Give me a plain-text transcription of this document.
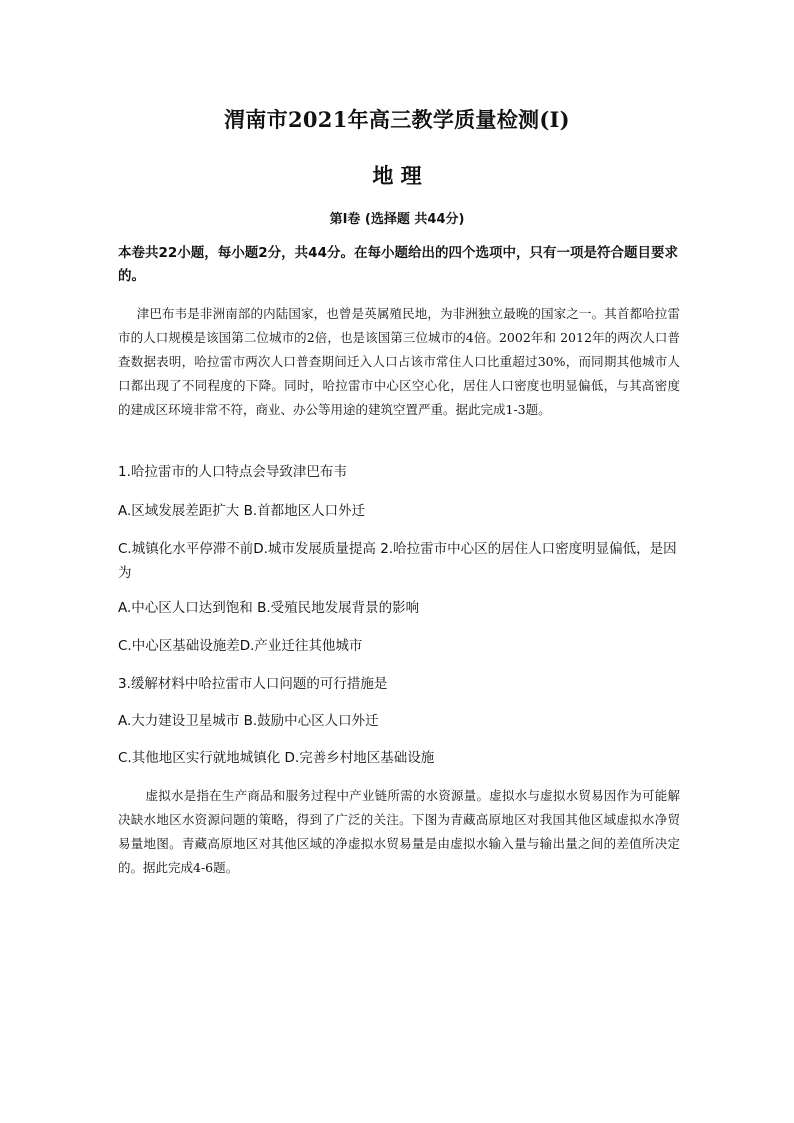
渭南市2021年高三教学质量检测(Ⅰ)
地 理
第Ⅰ卷 (选择题 共44分)
本卷共22小题，每小题2分，共44分。在每小题给出的四个选项中，只有一项是符合题目要求的。
津巴布韦是非洲南部的内陆国家，也曾是英属殖民地，为非洲独立最晚的国家之一。其首都哈拉雷市的人口规模是该国第二位城市的2倍，也是该国第三位城市的4倍。2002年和 2012年的两次人口普查数据表明，哈拉雷市两次人口普查期间迁入人口占该市常住人口比重超过30%，而同期其他城市人口都出现了不同程度的下降。同时，哈拉雷市中心区空心化，居住人口密度也明显偏低，与其高密度的建成区环境非常不符，商业、办公等用途的建筑空置严重。据此完成1-3题。
1.哈拉雷市的人口特点会导致津巴布韦
A.区域发展差距扩大 B.首都地区人口外迁
C.城镇化水平停滞不前D.城市发展质量提高 2.哈拉雷市中心区的居住人口密度明显偏低，是因为
A.中心区人口达到饱和 B.受殖民地发展背景的影响
C.中心区基础设施差D.产业迁往其他城市
3.缓解材料中哈拉雷市人口问题的可行措施是
A.大力建设卫星城市 B.鼓励中心区人口外迁
C.其他地区实行就地城镇化 D.完善乡村地区基础设施
虚拟水是指在生产商品和服务过程中产业链所需的水资源量。虚拟水与虚拟水贸易因作为可能解决缺水地区水资源问题的策略，得到了广泛的关注。下图为青藏高原地区对我国其他区域虚拟水净贸易量地图。青藏高原地区对其他区域的净虚拟水贸易量是由虚拟水输入量与输出量之间的差值所决定的。据此完成4-6题。
